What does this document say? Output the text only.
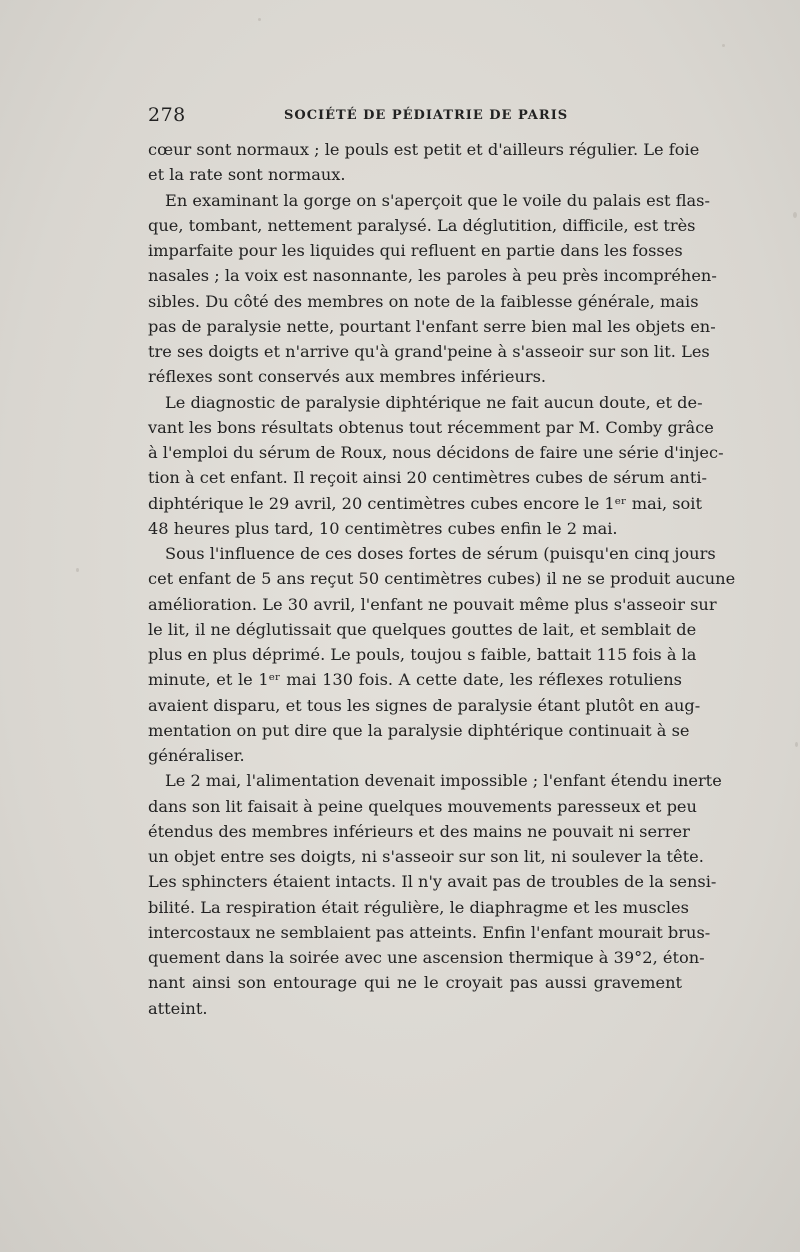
278	SOCIÉTÉ DE PÉDIATRIE DE PARIS
cœur sont normaux ; le pouls est petit et d'ailleurs régulier. Le foie
et la rate sont normaux.
En examinant la gorge on s'aperçoit que le voile du palais est flas-
que, tombant, nettement paralysé. La déglutition, difficile, est très
imparfaite pour les liquides qui refluent en partie dans les fosses
nasales ; la voix est nasonnante, les paroles à peu près incompréhen-
sibles. Du côté des membres on note de la faiblesse générale, mais
pas de paralysie nette, pourtant l'enfant serre bien mal les objets en-
tre ses doigts et n'arrive qu'à grand'peine à s'asseoir sur son lit. Les
réflexes sont conservés aux membres inférieurs.
Le diagnostic de paralysie diphtérique ne fait aucun doute, et de-
vant les bons résultats obtenus tout récemment par M. Comby grâce
à l'emploi du sérum de Roux, nous décidons de faire une série d'injec-
tion à cet enfant. Il reçoit ainsi 20 centimètres cubes de sérum anti-
diphtérique le 29 avril, 20 centimètres cubes encore le 1ᵉʳ mai, soit
48 heures plus tard, 10 centimètres cubes enfin le 2 mai.
Sous l'influence de ces doses fortes de sérum (puisqu'en cinq jours
cet enfant de 5 ans reçut 50 centimètres cubes) il ne se produit aucune
amélioration. Le 30 avril, l'enfant ne pouvait même plus s'asseoir sur
le lit, il ne déglutissait que quelques gouttes de lait, et semblait de
plus en plus déprimé. Le pouls, toujou s faible, battait 115 fois à la
minute, et le 1ᵉʳ mai 130 fois. A cette date, les réflexes rotuliens
avaient disparu, et tous les signes de paralysie étant plutôt en aug-
mentation on put dire que la paralysie diphtérique continuait à se
généraliser.
Le 2 mai, l'alimentation devenait impossible ; l'enfant étendu inerte
dans son lit faisait à peine quelques mouvements paresseux et peu
étendus des membres inférieurs et des mains ne pouvait ni serrer
un objet entre ses doigts, ni s'asseoir sur son lit, ni soulever la tête.
Les sphincters étaient intacts. Il n'y avait pas de troubles de la sensi-
bilité. La respiration était régulière, le diaphragme et les muscles
intercostaux ne semblaient pas atteints. Enfin l'enfant mourait brus-
quement dans la soirée avec une ascension thermique à 39°2, éton-
nant ainsi son entourage qui ne le croyait pas aussi gravement
atteint.
